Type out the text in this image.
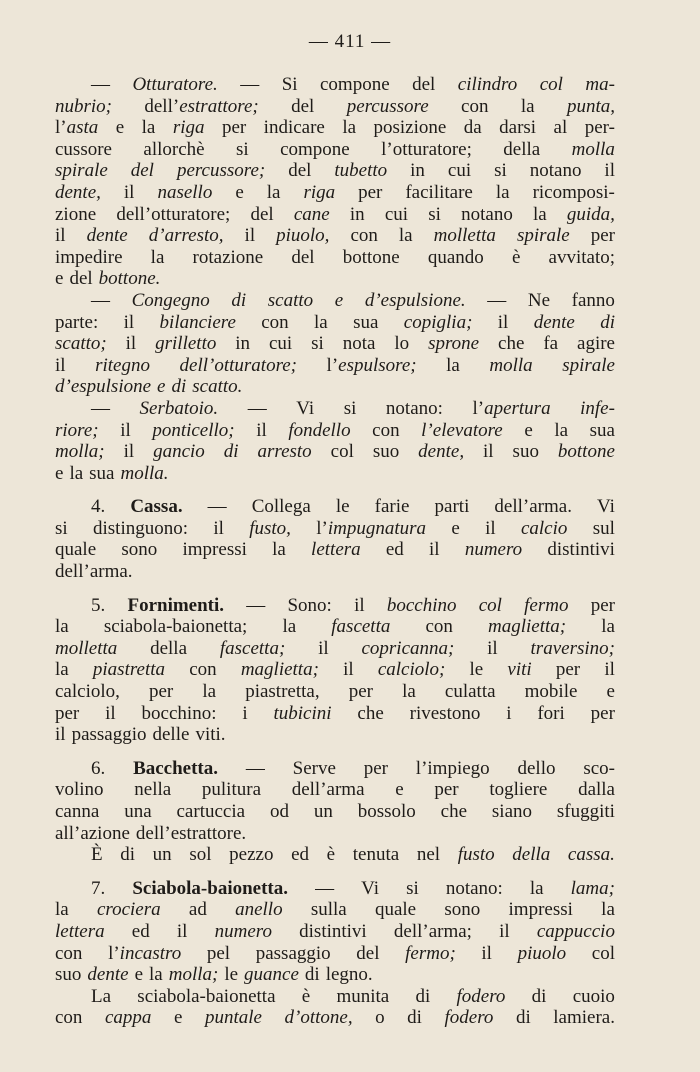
— 411 —
— Otturatore. — Si compone del cilindro col ma-
nubrio; dell’estrattore; del percussore con la punta,
l’asta e la riga per indicare la posizione da darsi al per-
cussore allorchè si compone l’otturatore; della molla
spirale del percussore; del tubetto in cui si notano il
dente, il nasello e la riga per facilitare la ricomposi-
zione dell’otturatore; del cane in cui si notano la guida,
il dente d’arresto, il piuolo, con la molletta spirale per
impedire la rotazione del bottone quando è avvitato;
e del bottone.
— Congegno di scatto e d’espulsione. — Ne fanno
parte: il bilanciere con la sua copiglia; il dente di
scatto; il grilletto in cui si nota lo sprone che fa agire
il ritegno dell’otturatore; l’espulsore; la molla spirale
d’espulsione e di scatto.
— Serbatoio. — Vi si notano: l’apertura infe-
riore; il ponticello; il fondello con l’elevatore e la sua
molla; il gancio di arresto col suo dente, il suo bottone
e la sua molla.
4. Cassa. — Collega le farie parti dell’arma. Vi
si distinguono: il fusto, l’impugnatura e il calcio sul
quale sono impressi la lettera ed il numero distintivi
dell’arma.
5. Fornimenti. — Sono: il bocchino col fermo per
la sciabola-baionetta; la fascetta con maglietta; la
molletta della fascetta; il copricanna; il traversino;
la piastretta con maglietta; il calciolo; le viti per il
calciolo, per la piastretta, per la culatta mobile e
per il bocchino: i tubicini che rivestono i fori per
il passaggio delle viti.
6. Bacchetta. — Serve per l’impiego dello sco-
volino nella pulitura dell’arma e per togliere dalla
canna una cartuccia od un bossolo che siano sfuggiti
all’azione dell’estrattore.
È di un sol pezzo ed è tenuta nel fusto della cassa.
7. Sciabola-baionetta. — Vi si notano: la lama;
la crociera ad anello sulla quale sono impressi la
lettera ed il numero distintivi dell’arma; il cappuccio
con l’incastro pel passaggio del fermo; il piuolo col
suo dente e la molla; le guance di legno.
La sciabola-baionetta è munita di fodero di cuoio
con cappa e puntale d’ottone, o di fodero di lamiera.
